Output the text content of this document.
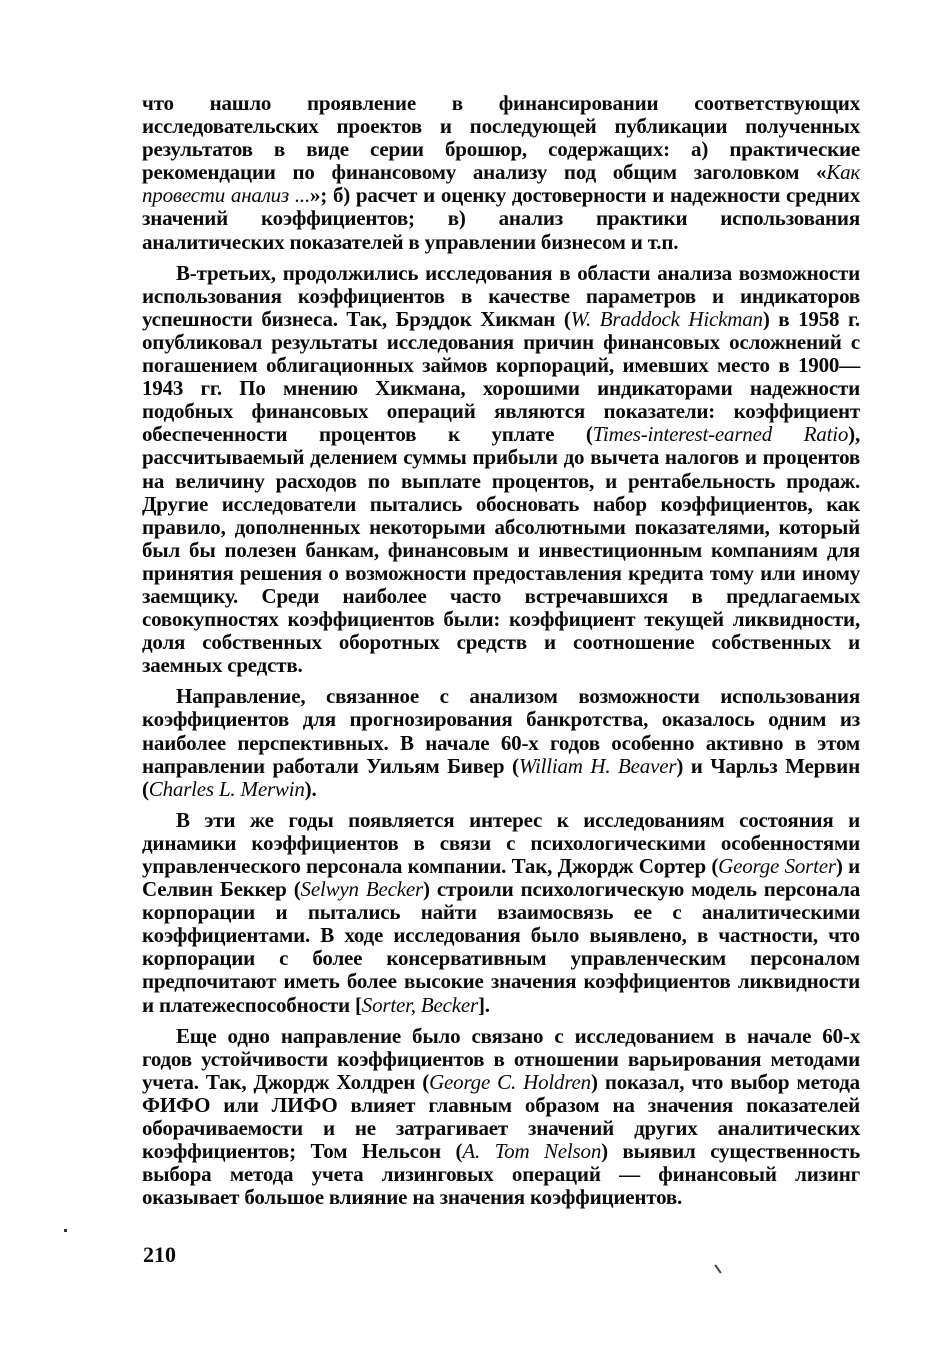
что нашло проявление в финансировании соответствующих исследовательских проектов и последующей публикации полученных результатов в виде серии брошюр, содержащих: а) практические рекомендации по финансовому анализу под общим заголовком «Как провести анализ ...»; б) расчет и оценку достоверности и надежности средних значений коэффициентов; в) анализ практики использования аналитических показателей в управлении бизнесом и т.п.

В-третьих, продолжились исследования в области анализа возможности использования коэффициентов в качестве параметров и индикаторов успешности бизнеса. Так, Брэддок Хикман (W. Braddock Hickman) в 1958 г. опубликовал результаты исследования причин финансовых осложнений с погашением облигационных займов корпораций, имевших место в 1900—1943 гг. По мнению Хикмана, хорошими индикаторами надежности подобных финансовых операций являются показатели: коэффициент обеспеченности процентов к уплате (Times-interest-earned Ratio), рассчитываемый делением суммы прибыли до вычета налогов и процентов на величину расходов по выплате процентов, и рентабельность продаж. Другие исследователи пытались обосновать набор коэффициентов, как правило, дополненных некоторыми абсолютными показателями, который был бы полезен банкам, финансовым и инвестиционным компаниям для принятия решения о возможности предоставления кредита тому или иному заемщику. Среди наиболее часто встречавшихся в предлагаемых совокупностях коэффициентов были: коэффициент текущей ликвидности, доля собственных оборотных средств и соотношение собственных и заемных средств.

Направление, связанное с анализом возможности использования коэффициентов для прогнозирования банкротства, оказалось одним из наиболее перспективных. В начале 60-х годов особенно активно в этом направлении работали Уильям Бивер (William H. Beaver) и Чарльз Мервин (Charles L. Merwin).

В эти же годы появляется интерес к исследованиям состояния и динамики коэффициентов в связи с психологическими особенностями управленческого персонала компании. Так, Джордж Сортер (George Sorter) и Селвин Беккер (Selwyn Becker) строили психологическую модель персонала корпорации и пытались найти взаимосвязь ее с аналитическими коэффициентами. В ходе исследования было выявлено, в частности, что корпорации с более консервативным управленческим персоналом предпочитают иметь более высокие значения коэффициентов ликвидности и платежеспособности [Sorter, Becker].

Еще одно направление было связано с исследованием в начале 60-х годов устойчивости коэффициентов в отношении варьирования методами учета. Так, Джордж Холдрен (George C. Holdren) показал, что выбор метода ФИФО или ЛИФО влияет главным образом на значения показателей оборачиваемости и не затрагивает значений других аналитических коэффициентов; Том Нельсон (A. Tom Nelson) выявил существенность выбора метода учета лизинговых операций — финансовый лизинг оказывает большое влияние на значения коэффициентов.

210
